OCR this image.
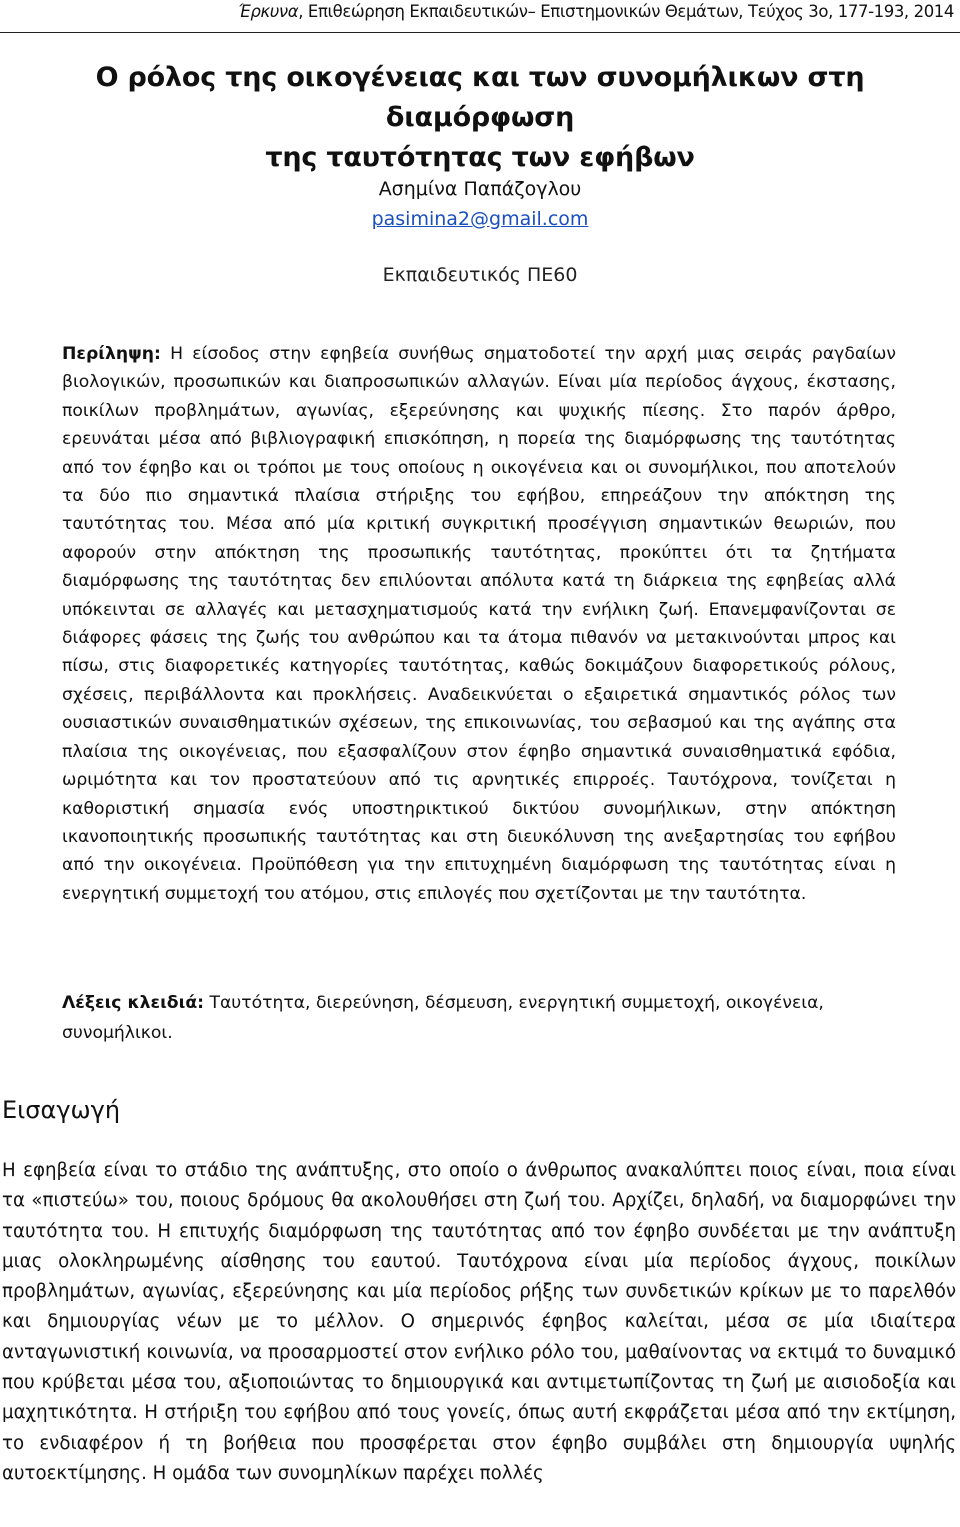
Έρκυνα, Επιθεώρηση Εκπαιδευτικών– Επιστημονικών Θεμάτων, Τεύχος 3ο, 177-193, 2014
Ο ρόλος της οικογένειας και των συνομήλικων στη διαμόρφωση
της ταυτότητας των εφήβων
Ασημίνα Παπάζογλου
pasimina2@gmail.com
Εκπαιδευτικός ΠΕ60

Περίληψη: Η είσοδος στην εφηβεία συνήθως σηματοδοτεί την αρχή μιας σειράς ραγδαίων βιολογικών, προσωπικών και διαπροσωπικών αλλαγών. Είναι μία περίοδος άγχους, έκστασης, ποικίλων προβλημάτων, αγωνίας, εξερεύνησης και ψυχικής πίεσης. Στο παρόν άρθρο, ερευνάται μέσα από βιβλιογραφική επισκόπηση, η πορεία της διαμόρφωσης της ταυτότητας από τον έφηβο και οι τρόποι με τους οποίους η οικογένεια και οι συνομήλικοι, που αποτελούν τα δύο πιο σημαντικά πλαίσια στήριξης του εφήβου, επηρεάζουν την απόκτηση της ταυτότητας του. Μέσα από μία κριτική συγκριτική προσέγγιση σημαντικών θεωριών, που αφορούν στην απόκτηση της προσωπικής ταυτότητας, προκύπτει ότι τα ζητήματα διαμόρφωσης της ταυτότητας δεν επιλύονται απόλυτα κατά τη διάρκεια της εφηβείας αλλά υπόκεινται σε αλλαγές και μετασχηματισμούς κατά την ενήλικη ζωή. Επανεμφανίζονται σε διάφορες φάσεις της ζωής του ανθρώπου και τα άτομα πιθανόν να μετακινούνται μπρος και πίσω, στις διαφορετικές κατηγορίες ταυτότητας, καθώς δοκιμάζουν διαφορετικούς ρόλους, σχέσεις, περιβάλλοντα και προκλήσεις. Αναδεικνύεται ο εξαιρετικά σημαντικός ρόλος των ουσιαστικών συναισθηματικών σχέσεων, της επικοινωνίας, του σεβασμού και της αγάπης στα πλαίσια της οικογένειας, που εξασφαλίζουν στον έφηβο σημαντικά συναισθηματικά εφόδια, ωριμότητα και τον προστατεύουν από τις αρνητικές επιρροές. Ταυτόχρονα, τονίζεται η καθοριστική σημασία ενός υποστηρικτικού δικτύου συνομήλικων, στην απόκτηση ικανοποιητικής προσωπικής ταυτότητας και στη διευκόλυνση της ανεξαρτησίας του εφήβου από την οικογένεια. Προϋπόθεση για την επιτυχημένη διαμόρφωση της ταυτότητας είναι η ενεργητική συμμετοχή του ατόμου, στις επιλογές που σχετίζονται με την ταυτότητα.

Λέξεις κλειδιά: Ταυτότητα, διερεύνηση, δέσμευση, ενεργητική συμμετοχή, οικογένεια, συνομήλικοι.

Εισαγωγή

Η εφηβεία είναι το στάδιο της ανάπτυξης, στο οποίο ο άνθρωπος ανακαλύπτει ποιος είναι, ποια είναι τα «πιστεύω» του, ποιους δρόμους θα ακολουθήσει στη ζωή του. Αρχίζει, δηλαδή, να διαμορφώνει την ταυτότητα του. Η επιτυχής διαμόρφωση της ταυτότητας από τον έφηβο συνδέεται με την ανάπτυξη μιας ολοκληρωμένης αίσθησης του εαυτού. Ταυτόχρονα είναι μία περίοδος άγχους, ποικίλων προβλημάτων, αγωνίας, εξερεύνησης και μία περίοδος ρήξης των συνδετικών κρίκων με το παρελθόν και δημιουργίας νέων με το μέλλον. Ο σημερινός έφηβος καλείται, μέσα σε μία ιδιαίτερα ανταγωνιστική κοινωνία, να προσαρμοστεί στον ενήλικο ρόλο του, μαθαίνοντας να εκτιμά το δυναμικό που κρύβεται μέσα του, αξιοποιώντας το δημιουργικά και αντιμετωπίζοντας τη ζωή με αισιοδοξία και μαχητικότητα. Η στήριξη του εφήβου από τους γονείς, όπως αυτή εκφράζεται μέσα από την εκτίμηση, το ενδιαφέρον ή τη βοήθεια που προσφέρεται στον έφηβο συμβάλει στη δημιουργία υψηλής αυτοεκτίμησης. Η ομάδα των συνομηλίκων παρέχει πολλές
